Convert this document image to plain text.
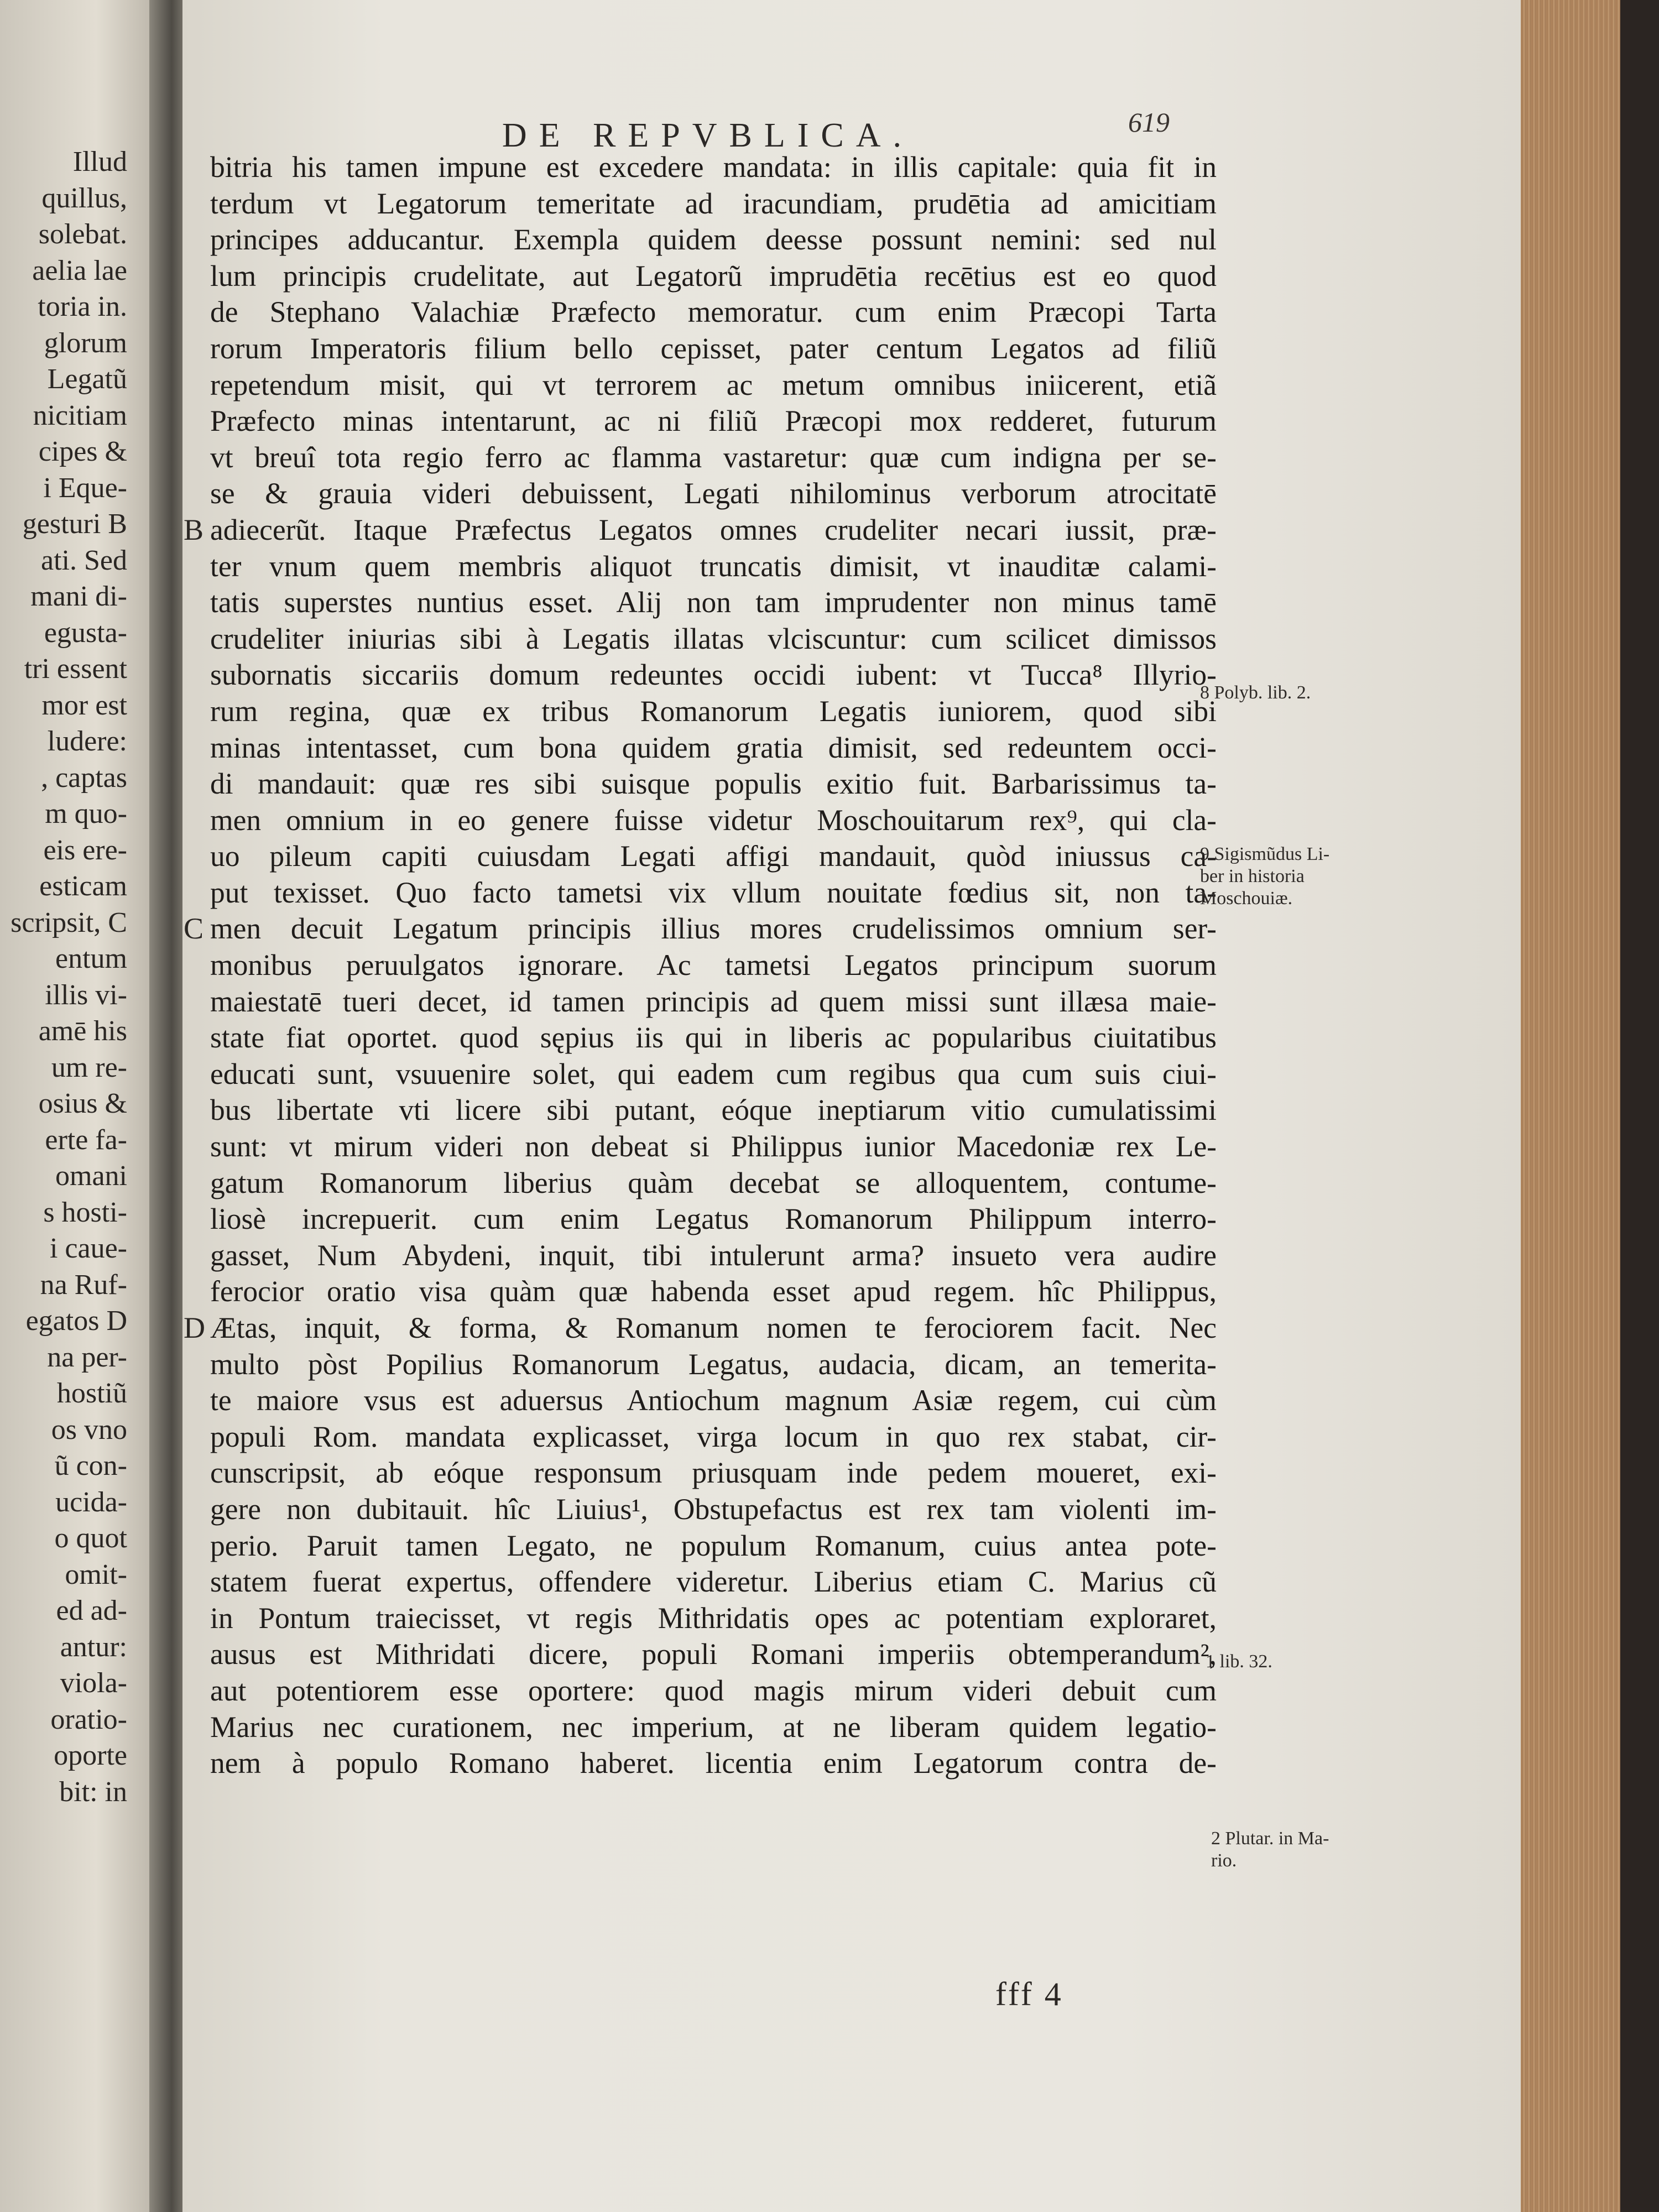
Illud
quillus,
solebat.
aelia lae
toria in.
glorum
Legatũ
nicitiam
cipes &
i Eque-
gesturi B
ati. Sed
mani di-
egusta-
tri essent
mor est
ludere:
, captas
m quo-
eis ere-
esticam
scripsit, C
entum
illis vi-
amē his
um re-
osius &
erte fa-
omani
s hosti-
i caue-
na Ruf-
egatos D
na per-
hostiũ
os vno
ũ con-
ucida-
o quot
omit-
ed ad-
antur:
viola-
oratio-
oporte
bit: in
DE REPVBLICA.	619
bitria his tamen impune est excedere mandata: in illis capitale: quia fit in
terdum vt Legatorum temeritate ad iracundiam, prudētia ad amicitiam
principes adducantur. Exempla quidem deesse possunt nemini: sed nul
lum principis crudelitate, aut Legatorũ imprudētia recētius est eo quod
de Stephano Valachiæ Præfecto memoratur. cum enim Præcopi Tarta
rorum Imperatoris filium bello cepisset, pater centum Legatos ad filiũ
repetendum misit, qui vt terrorem ac metum omnibus iniicerent, etiã
Præfecto minas intentarunt, ac ni filiũ Præcopi mox redderet, futurum
vt breuî tota regio ferro ac flamma vastaretur: quæ cum indigna per se-
se & grauia videri debuissent, Legati nihilominus verborum atrocitatē
adiecerũt. Itaque Præfectus Legatos omnes crudeliter necari iussit, præ-
B
ter vnum quem membris aliquot truncatis dimisit, vt inauditæ calami-
tatis superstes nuntius esset. Alij non tam imprudenter non minus tamē
crudeliter iniurias sibi à Legatis illatas vlciscuntur: cum scilicet dimissos
subornatis siccariis domum redeuntes occidi iubent: vt Tucca⁸ Illyrio-
rum regina, quæ ex tribus Romanorum Legatis iuniorem, quod sibi
minas intentasset, cum bona quidem gratia dimisit, sed redeuntem occi-
di mandauit: quæ res sibi suisque populis exitio fuit. Barbarissimus ta-
men omnium in eo genere fuisse videtur Moschouitarum rex⁹, qui cla-
uo pileum capiti cuiusdam Legati affigi mandauit, quòd iniussus ca-
put texisset. Quo facto tametsi vix vllum nouitate fœdius sit, non ta-
men decuit Legatum principis illius mores crudelissimos omnium ser-
C
monibus peruulgatos ignorare. Ac tametsi Legatos principum suorum
maiestatē tueri decet, id tamen principis ad quem missi sunt illæsa maie-
state fiat oportet. quod sępius iis qui in liberis ac popularibus ciuitatibus
educati sunt, vsuuenire solet, qui eadem cum regibus qua cum suis ciui-
bus libertate vti licere sibi putant, eóque ineptiarum vitio cumulatissimi
sunt: vt mirum videri non debeat si Philippus iunior Macedoniæ rex Le-
gatum Romanorum liberius quàm decebat se alloquentem, contume-
liosè increpuerit. cum enim Legatus Romanorum Philippum interro-
gasset, Num Abydeni, inquit, tibi intulerunt arma? insueto vera audire
ferocior oratio visa quàm quæ habenda esset apud regem. hîc Philippus,
Ætas, inquit, & forma, & Romanum nomen te ferociorem facit. Nec
D
multo pòst Popilius Romanorum Legatus, audacia, dicam, an temerita-
te maiore vsus est aduersus Antiochum magnum Asiæ regem, cui cùm
populi Rom. mandata explicasset, virga locum in quo rex stabat, cir-
cunscripsit, ab eóque responsum priusquam inde pedem moueret, exi-
gere non dubitauit. hîc Liuius¹, Obstupefactus est rex tam violenti im-
perio. Paruit tamen Legato, ne populum Romanum, cuius antea pote-
statem fuerat expertus, offendere videretur. Liberius etiam C. Marius cũ
in Pontum traiecisset, vt regis Mithridatis opes ac potentiam exploraret,
ausus est Mithridati dicere, populi Romani imperiis obtemperandum²,
aut potentiorem esse oportere: quod magis mirum videri debuit cum
Marius nec curationem, nec imperium, at ne liberam quidem legatio-
nem à populo Romano haberet. licentia enim Legatorum contra de-
8 Polyb. lib. 2.
9 Sigismũdus Li-
ber in historia
Moschouiæ.
1 lib. 32.
2 Plutar. in Ma-
rio.
fff 4
